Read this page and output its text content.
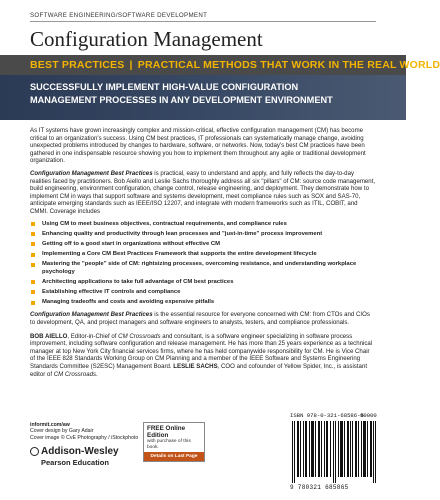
SOFTWARE ENGINEERING/SOFTWARE DEVELOPMENT
Configuration Management
BEST PRACTICES | PRACTICAL METHODS THAT WORK IN THE REAL WORLD
SUCCESSFULLY IMPLEMENT HIGH-VALUE CONFIGURATION MANAGEMENT PROCESSES IN ANY DEVELOPMENT ENVIRONMENT

As IT systems have grown increasingly complex and mission-critical, effective configuration management (CM) has become critical to an organization's success. Using CM best practices, IT professionals can systematically manage change, avoiding unexpected problems introduced by changes to hardware, software, or networks. Now, today's best CM practices have been gathered in one indispensable resource showing you how to implement them throughout any agile or traditional development organization.

Configuration Management Best Practices is practical, easy to understand and apply, and fully reflects the day-to-day realities faced by practitioners. Bob Aiello and Leslie Sachs thoroughly address all six "pillars" of CM: source code management, build engineering, environment configuration, change control, release engineering, and deployment. They demonstrate how to implement CM in ways that support software and systems development, meet compliance rules such as SOX and SAS-70, anticipate emerging standards such as IEEE/ISO 12207, and integrate with modern frameworks such as ITIL, COBIT, and CMMI. Coverage includes

Using CM to meet business objectives, contractual requirements, and compliance rules
Enhancing quality and productivity through lean processes and "just-in-time" process improvement
Getting off to a good start in organizations without effective CM
Implementing a Core CM Best Practices Framework that supports the entire development lifecycle
Mastering the "people" side of CM: rightsizing processes, overcoming resistance, and understanding workplace psychology
Architecting applications to take full advantage of CM best practices
Establishing effective IT controls and compliance
Managing tradeoffs and costs and avoiding expensive pitfalls

Configuration Management Best Practices is the essential resource for everyone concerned with CM: from CTOs and CIOs to development, QA, and project managers and software engineers to analysts, testers, and compliance professionals.

BOB AIELLO, Editor-in-Chief of CM Crossroads and consultant, is a software engineer specializing in software process improvement, including software configuration and release management. He has more than 25 years experience as a technical manager at top New York City financial services firms, where he has held companywide responsibility for CM. He is Vice Chair of the IEEE 828 Standards Working Group on CM Planning and a member of the IEEE Software and Systems Engineering Standards Committee (S2ESC) Management Board. LESLIE SACHS, COO and cofounder of Yellow Spider, Inc., is assistant editor of CM Crossroads.

informit.com/aw
Cover design by Gary Adair
Cover image © CvE Photography / iStockphoto
Addison-Wesley
Pearson Education
FREE Online Edition
with purchase of this book.
Details on Last Page
ISBN 978-0-321-68586-5
9 780321 685865
90000
